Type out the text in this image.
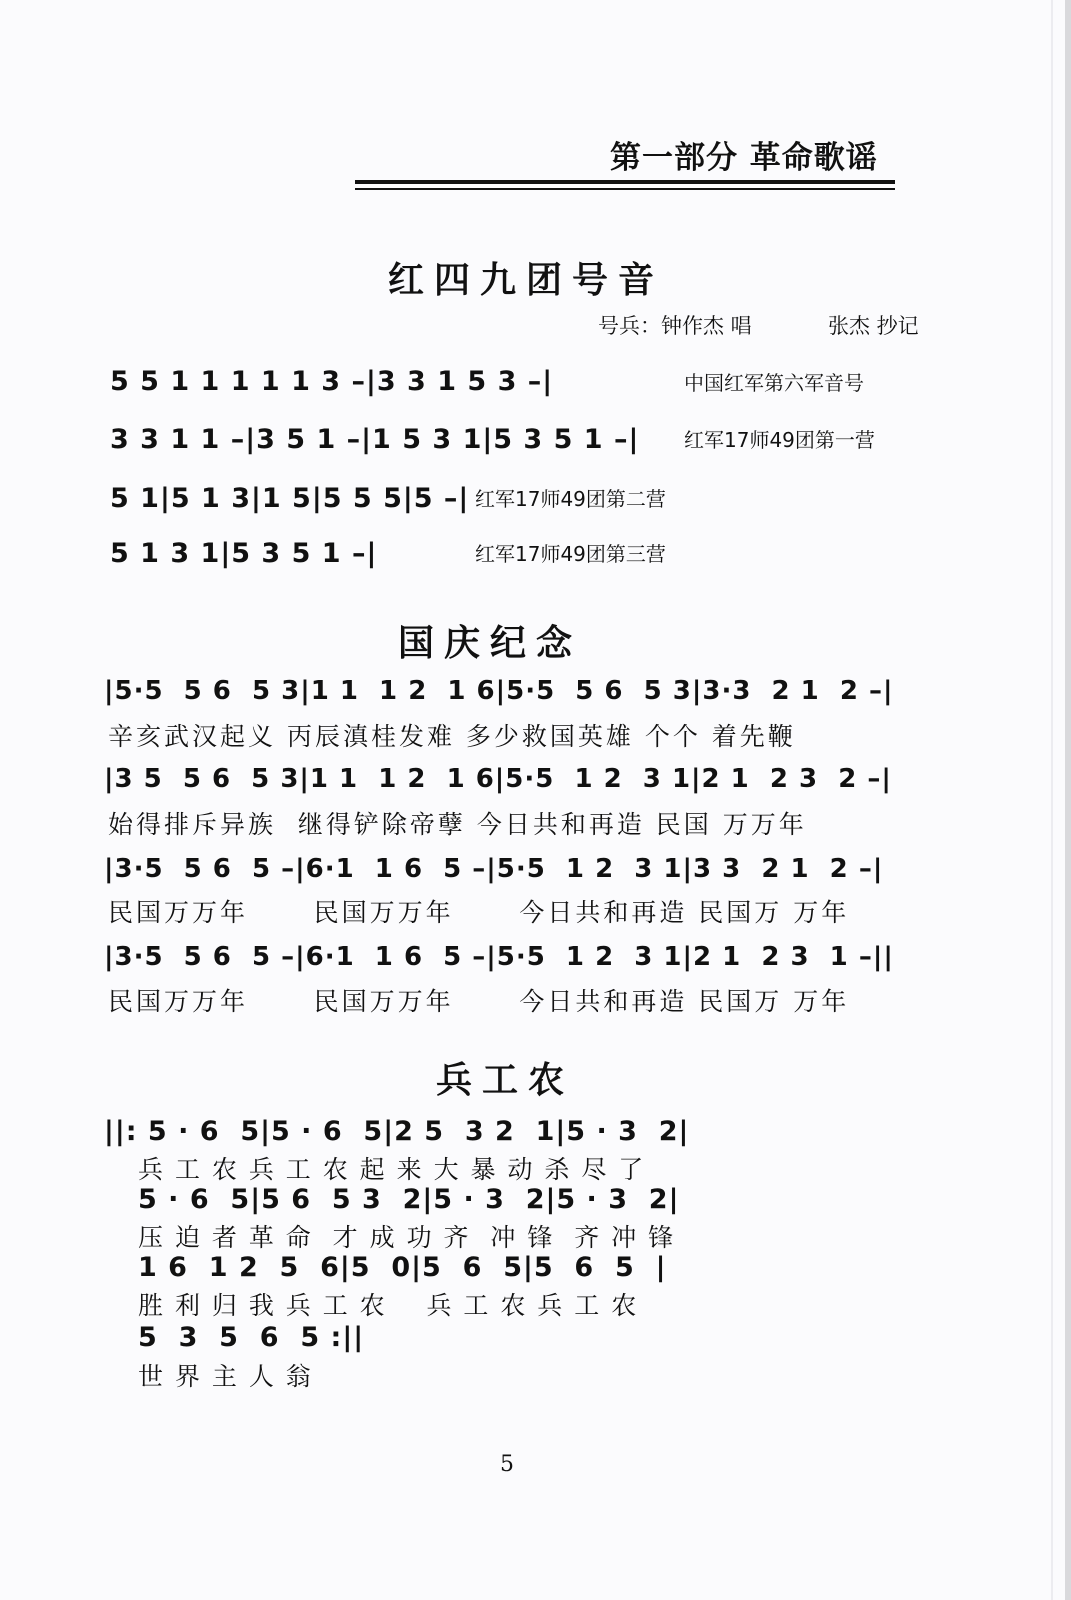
第一部分 革命歌谣
红四九团号音
号兵：钟作杰 唱	张杰 抄记
5 5 1 1 1 1 1 3 –|3 3 1 5 3 –|	中国红军第六军音号
3 3 1 1 –|3 5 1 –|1 5 3 1|5 3 5 1 –| 红军17师49团第一营
5 1|5 1 3|1 5|5 5 5|5 –| 红军17师49团第二营
5 1 3 1|5 3 5 1 –|	红军17师49团第三营
国庆纪念
|5·5  5 6  5 3|1 1  1 2  1 6|5·5  5 6  5 3|3·3  2 1  2 –|
辛亥武汉起义 丙辰滇桂发难 多少救国英雄 个个 着先鞭
|3 5  5 6  5 3|1 1  1 2  1 6|5·5  1 2  3 1|2 1  2 3  2 –|
始得排斥异族  继得铲除帝孽 今日共和再造 民国 万万年
|3·5  5 6  5 –|6·1  1 6  5 –|5·5  1 2  3 1|3 3  2 1  2 –|
民国万万年      民国万万年      今日共和再造 民国万 万年
|3·5  5 6  5 –|6·1  1 6  5 –|5·5  1 2  3 1|2 1  2 3  1 –||
民国万万年      民国万万年      今日共和再造 民国万 万年
兵工农
||: 5 · 6  5|5 · 6  5|2 5  3 2  1|5 · 3  2|
兵 工 农 兵 工 农 起 来 大 暴 动 杀 尽 了
5 · 6  5|5 6  5 3  2|5 · 3  2|5 · 3  2|
压 迫 者 革 命  才 成 功 齐  冲 锋  齐 冲 锋
1 6  1 2  5  6|5  0|5  6  5|5  6  5  |
胜 利 归 我 兵 工 农    兵 工 农 兵 工 农
5  3  5  6  5 :||
世 界 主 人 翁
5
